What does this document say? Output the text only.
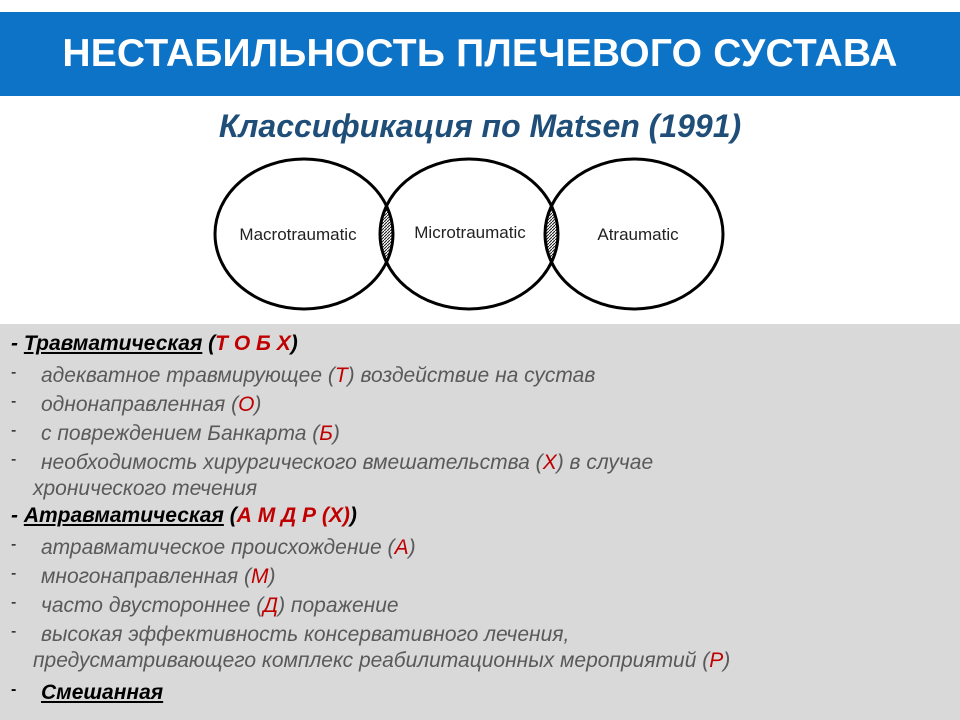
НЕСТАБИЛЬНОСТЬ ПЛЕЧЕВОГО СУСТАВА
Классификация по Matsen (1991)
Macrotraumatic	Microtraumatic	Atraumatic
- Травматическая (Т О Б Х)
- адекватное травмирующее (Т) воздействие на сустав
- однонаправленная (О)
- с повреждением Банкарта (Б)
- необходимость хирургического вмешательства (Х) в случае
хронического течения
- Атравматическая (А М Д Р (Х))
- атравматическое происхождение (А)
- многонаправленная (М)
- часто двустороннее (Д) поражение
- высокая эффективность консервативного лечения,
предусматривающего комплекс реабилитационных мероприятий (Р)
- Смешанная
